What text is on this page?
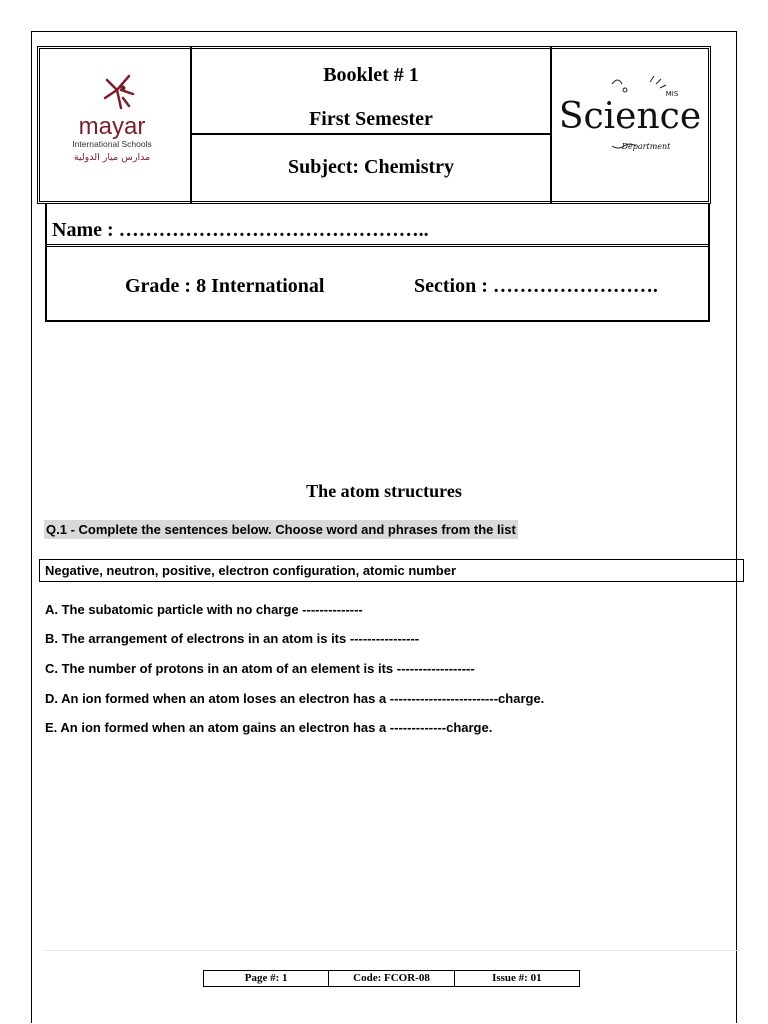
mayar
International Schools
مدارس ميار الدولية
Science
Department
MIS
Booklet # 1
First Semester
Subject: Chemistry
Name : ………………………………………..
Grade : 8 International	Section : …………………….
The atom structures
Q.1 - Complete the sentences below. Choose word and phrases from the list
Negative, neutron, positive, electron configuration, atomic number
A. The subatomic particle with no charge --------------
B. The arrangement of electrons in an atom is its ----------------
C. The number of protons in an atom of an element is its ------------------
D. An ion formed when an atom loses an electron has a -------------------------charge.
E. An ion formed when an atom gains an electron has a -------------charge.
Page #: 1	Code: FCOR-08	Issue #: 01
